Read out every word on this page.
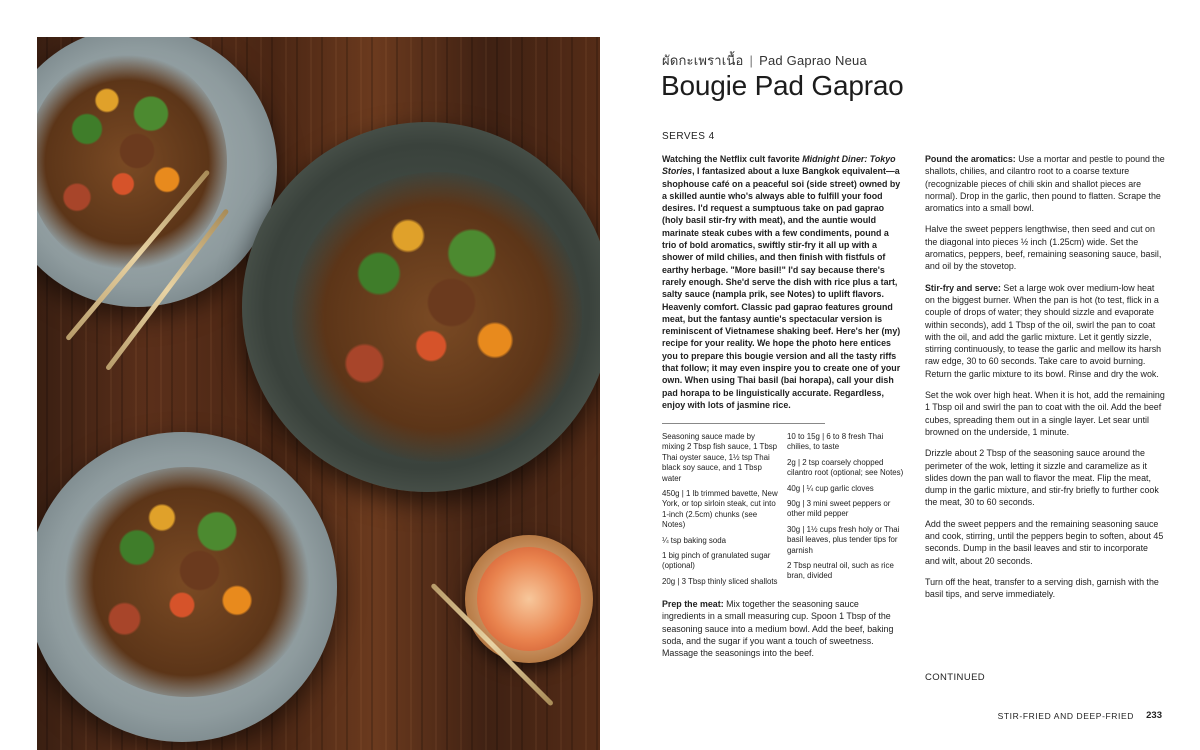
ผัดกะเพราเนื้อ | Pad Gaprao Neua
Bougie Pad Gaprao
SERVES 4
Watching the Netflix cult favorite Midnight Diner: Tokyo Stories, I fantasized about a luxe Bangkok equivalent—a shophouse café on a peaceful soi (side street) owned by a skilled auntie who's always able to fulfill your food desires. I'd request a sumptuous take on pad gaprao (holy basil stir-fry with meat), and the auntie would marinate steak cubes with a few condiments, pound a trio of bold aromatics, swiftly stir-fry it all up with a shower of mild chilies, and then finish with fistfuls of earthy herbage. "More basil!" I'd say because there's rarely enough. She'd serve the dish with rice plus a tart, salty sauce (nampla prik, see Notes) to uplift flavors. Heavenly comfort. Classic pad gaprao features ground meat, but the fantasy auntie's spectacular version is reminiscent of Vietnamese shaking beef. Here's her (my) recipe for your reality. We hope the photo here entices you to prepare this bougie version and all the tasty riffs that follow; it may even inspire you to create one of your own. When using Thai basil (bai horapa), call your dish pad horapa to be linguistically accurate. Regardless, enjoy with lots of jasmine rice.
Seasoning sauce made by mixing 2 Tbsp fish sauce, 1 Tbsp Thai oyster sauce, 1½ tsp Thai black soy sauce, and 1 Tbsp water
450g | 1 lb trimmed bavette, New York, or top sirloin steak, cut into 1-inch (2.5cm) chunks (see Notes)
¼ tsp baking soda
1 big pinch of granulated sugar (optional)
20g | 3 Tbsp thinly sliced shallots
10 to 15g | 6 to 8 fresh Thai chilies, to taste
2g | 2 tsp coarsely chopped cilantro root (optional; see Notes)
40g | ¼ cup garlic cloves
90g | 3 mini sweet peppers or other mild pepper
30g | 1½ cups fresh holy or Thai basil leaves, plus tender tips for garnish
2 Tbsp neutral oil, such as rice bran, divided
Prep the meat: Mix together the seasoning sauce ingredients in a small measuring cup. Spoon 1 Tbsp of the seasoning sauce into a medium bowl. Add the beef, baking soda, and the sugar if you want a touch of sweetness. Massage the seasonings into the beef.

Pound the aromatics: Use a mortar and pestle to pound the shallots, chilies, and cilantro root to a coarse texture (recognizable pieces of chili skin and shallot pieces are normal). Drop in the garlic, then pound to flatten. Scrape the aromatics into a small bowl.

Halve the sweet peppers lengthwise, then seed and cut on the diagonal into pieces ½ inch (1.25cm) wide. Set the aromatics, peppers, beef, remaining seasoning sauce, basil, and oil by the stovetop.

Stir-fry and serve: Set a large wok over medium-low heat on the biggest burner. When the pan is hot (to test, flick in a couple of drops of water; they should sizzle and evaporate within seconds), add 1 Tbsp of the oil, swirl the pan to coat with the oil, and add the garlic mixture. Let it gently sizzle, stirring continuously, to tease the garlic and mellow its harsh raw edge, 30 to 60 seconds. Take care to avoid burning. Return the garlic mixture to its bowl. Rinse and dry the wok.

Set the wok over high heat. When it is hot, add the remaining 1 Tbsp oil and swirl the pan to coat with the oil. Add the beef cubes, spreading them out in a single layer. Let sear until browned on the underside, 1 minute.

Drizzle about 2 Tbsp of the seasoning sauce around the perimeter of the wok, letting it sizzle and caramelize as it slides down the pan wall to flavor the meat. Flip the meat, dump in the garlic mixture, and stir-fry briefly to further cook the meat, 30 to 60 seconds.

Add the sweet peppers and the remaining seasoning sauce and cook, stirring, until the peppers begin to soften, about 45 seconds. Dump in the basil leaves and stir to incorporate and wilt, about 20 seconds.

Turn off the heat, transfer to a serving dish, garnish with the basil tips, and serve immediately.

CONTINUED
STIR-FRIED AND DEEP-FRIED 233
